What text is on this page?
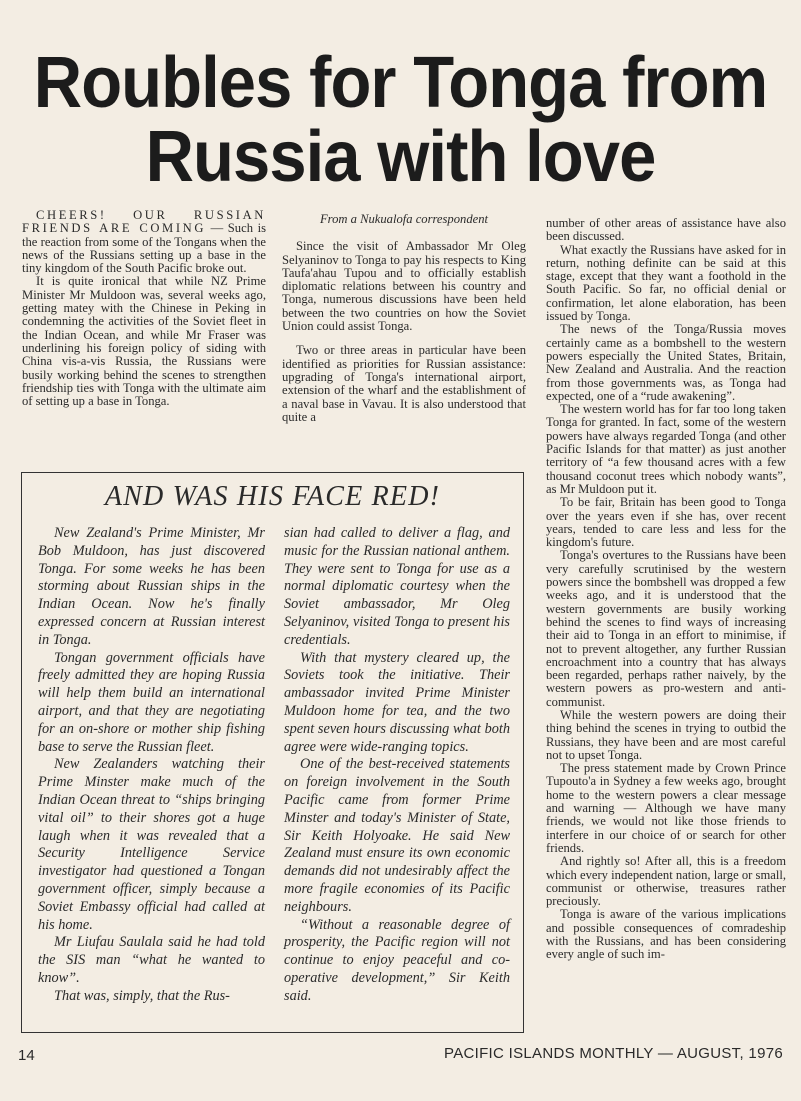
Roubles for Tonga from Russia with love

CHEERS! OUR RUSSIAN FRIENDS ARE COMING — Such is the reaction from some of the Tongans when the news of the Russians setting up a base in the tiny kingdom of the South Pacific broke out.

It is quite ironical that while NZ Prime Minister Mr Muldoon was, several weeks ago, getting matey with the Chinese in Peking in condemning the activities of the Soviet fleet in the Indian Ocean, and while Mr Fraser was underlining his foreign policy of siding with China vis-a-vis Russia, the Russians were busily working behind the scenes to strengthen friendship ties with Tonga with the ultimate aim of setting up a base in Tonga.

From a Nukualofa correspondent

Since the visit of Ambassador Mr Oleg Selyaninov to Tonga to pay his respects to King Taufa'ahau Tupou and to officially establish diplomatic relations between his country and Tonga, numerous discussions have been held between the two countries on how the Soviet Union could assist Tonga.

Two or three areas in particular have been identified as priorities for Russian assistance: upgrading of Tonga's international airport, extension of the wharf and the establishment of a naval base in Vavau. It is also understood that quite a

number of other areas of assistance have also been discussed.

What exactly the Russians have asked for in return, nothing definite can be said at this stage, except that they want a foothold in the South Pacific. So far, no official denial or confirmation, let alone elaboration, has been issued by Tonga.

The news of the Tonga/Russia moves certainly came as a bombshell to the western powers especially the United States, Britain, New Zealand and Australia. And the reaction from those governments was, as Tonga had expected, one of a “rude awakening”.

The western world has for far too long taken Tonga for granted. In fact, some of the western powers have always regarded Tonga (and other Pacific Islands for that matter) as just another territory of “a few thousand acres with a few thousand coconut trees which nobody wants”, as Mr Muldoon put it.

To be fair, Britain has been good to Tonga over the years even if she has, over recent years, tended to care less and less for the kingdom's future.

Tonga's overtures to the Russians have been very carefully scrutinised by the western powers since the bombshell was dropped a few weeks ago, and it is understood that the western governments are busily working behind the scenes to find ways of increasing their aid to Tonga in an effort to minimise, if not to prevent altogether, any further Russian encroachment into a country that has always been regarded, perhaps rather naively, by the western powers as pro-western and anti-communist.

While the western powers are doing their thing behind the scenes in trying to outbid the Russians, they have been and are most careful not to upset Tonga.

The press statement made by Crown Prince Tupouto'a in Sydney a few weeks ago, brought home to the western powers a clear message and warning — Although we have many friends, we would not like those friends to interfere in our choice of or search for other friends.

And rightly so! After all, this is a freedom which every independent nation, large or small, communist or otherwise, treasures rather preciously.

Tonga is aware of the various implications and possible consequences of comradeship with the Russians, and has been considering every angle of such im-

AND WAS HIS FACE RED!

New Zealand's Prime Minister, Mr Bob Muldoon, has just discovered Tonga. For some weeks he has been storming about Russian ships in the Indian Ocean. Now he's finally expressed concern at Russian interest in Tonga.

Tongan government officials have freely admitted they are hoping Russia will help them build an international airport, and that they are negotiating for an on-shore or mother ship fishing base to serve the Russian fleet.

New Zealanders watching their Prime Minster make much of the Indian Ocean threat to “ships bringing vital oil” to their shores got a huge laugh when it was revealed that a Security Intelligence Service investigator had questioned a Tongan government officer, simply because a Soviet Embassy official had called at his home.

Mr Liufau Saulala said he had told the SIS man “what he wanted to know”.

That was, simply, that the Rus-

sian had called to deliver a flag, and music for the Russian national anthem. They were sent to Tonga for use as a normal diplomatic courtesy when the Soviet ambassador, Mr Oleg Selyaninov, visited Tonga to present his credentials.

With that mystery cleared up, the Soviets took the initiative. Their ambassador invited Prime Minister Muldoon home for tea, and the two spent seven hours discussing what both agree were wide-ranging topics.

One of the best-received statements on foreign involvement in the South Pacific came from former Prime Minster and today's Minister of State, Sir Keith Holyoake. He said New Zealand must ensure its own economic demands did not undesirably affect the more fragile economies of its Pacific neighbours.

“Without a reasonable degree of prosperity, the Pacific region will not continue to enjoy peaceful and co-operative development,” Sir Keith said.

14	PACIFIC ISLANDS MONTHLY — AUGUST, 1976
